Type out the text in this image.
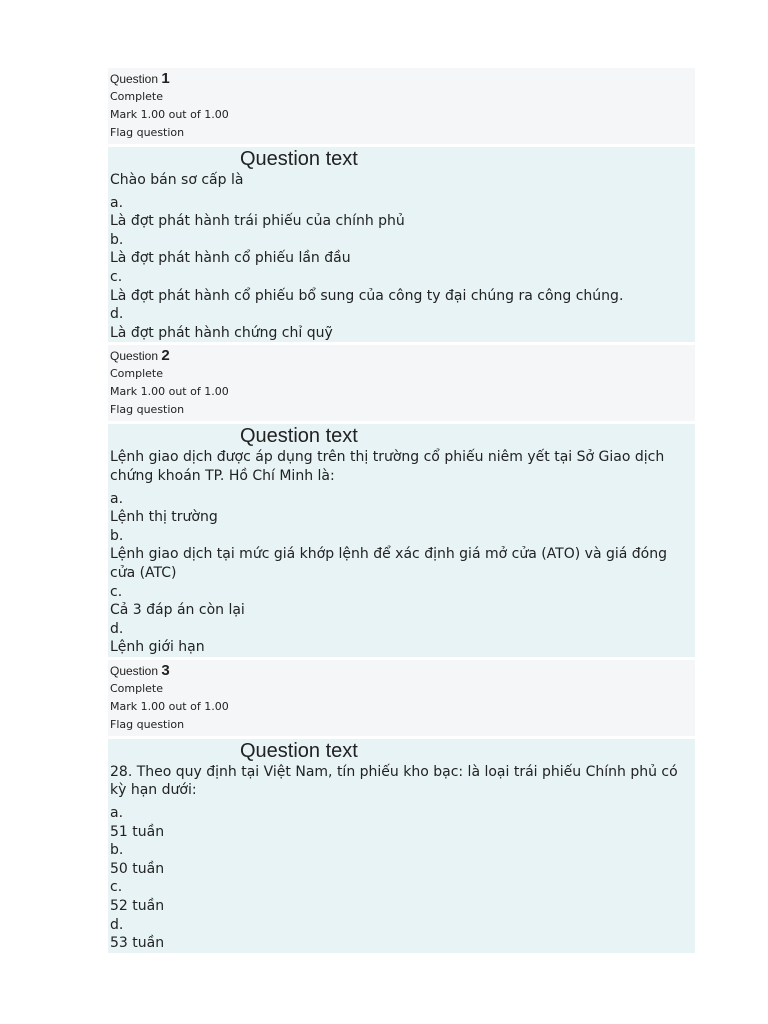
Question 1
Complete
Mark 1.00 out of 1.00
Flag question
Question text
Chào bán sơ cấp là
a.
Là đợt phát hành trái phiếu của chính phủ
b.
Là đợt phát hành cổ phiếu lần đầu
c.
Là đợt phát hành cổ phiếu bổ sung của công ty đại chúng ra công chúng.
d.
Là đợt phát hành chứng chỉ quỹ
Question 2
Complete
Mark 1.00 out of 1.00
Flag question
Question text
Lệnh giao dịch được áp dụng trên thị trường cổ phiếu niêm yết tại Sở Giao dịch chứng khoán TP. Hồ Chí Minh là:
a.
Lệnh thị trường
b.
Lệnh giao dịch tại mức giá khớp lệnh để xác định giá mở cửa (ATO) và giá đóng cửa (ATC)
c.
Cả 3 đáp án còn lại
d.
Lệnh giới hạn
Question 3
Complete
Mark 1.00 out of 1.00
Flag question
Question text
28. Theo quy định tại Việt Nam, tín phiếu kho bạc: là loại trái phiếu Chính phủ có kỳ hạn dưới:
a.
51 tuần
b.
50 tuần
c.
52 tuần
d.
53 tuần
